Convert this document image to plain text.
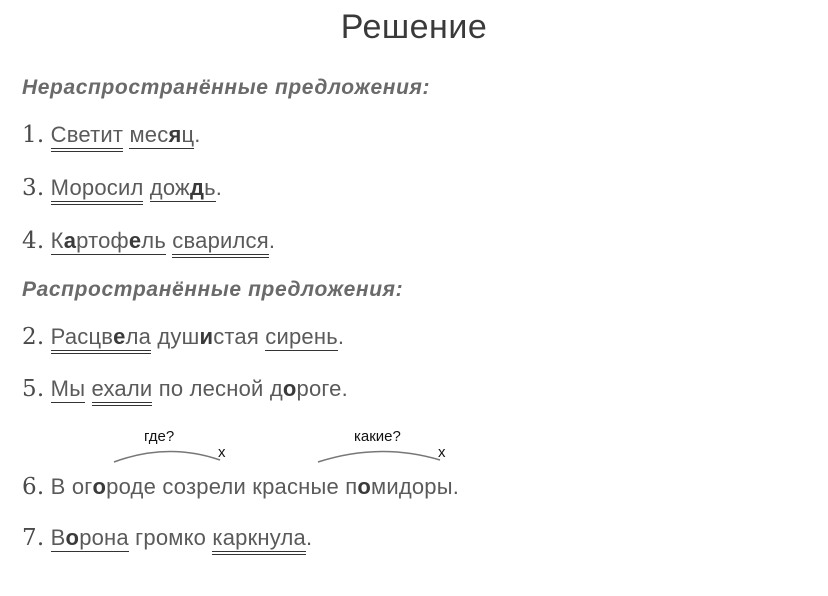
Решение
Нераспространённые предложения:
1. Светит месяц.
3. Моросил дождь.
4. Картофель сварился.
Распространённые предложения:
2. Расцвела душистая сирень.
5. Мы ехали по лесной дороге.
где?
х
какие?
х
6. В огороде созрели красные помидоры.
7. Ворона громко каркнула.
